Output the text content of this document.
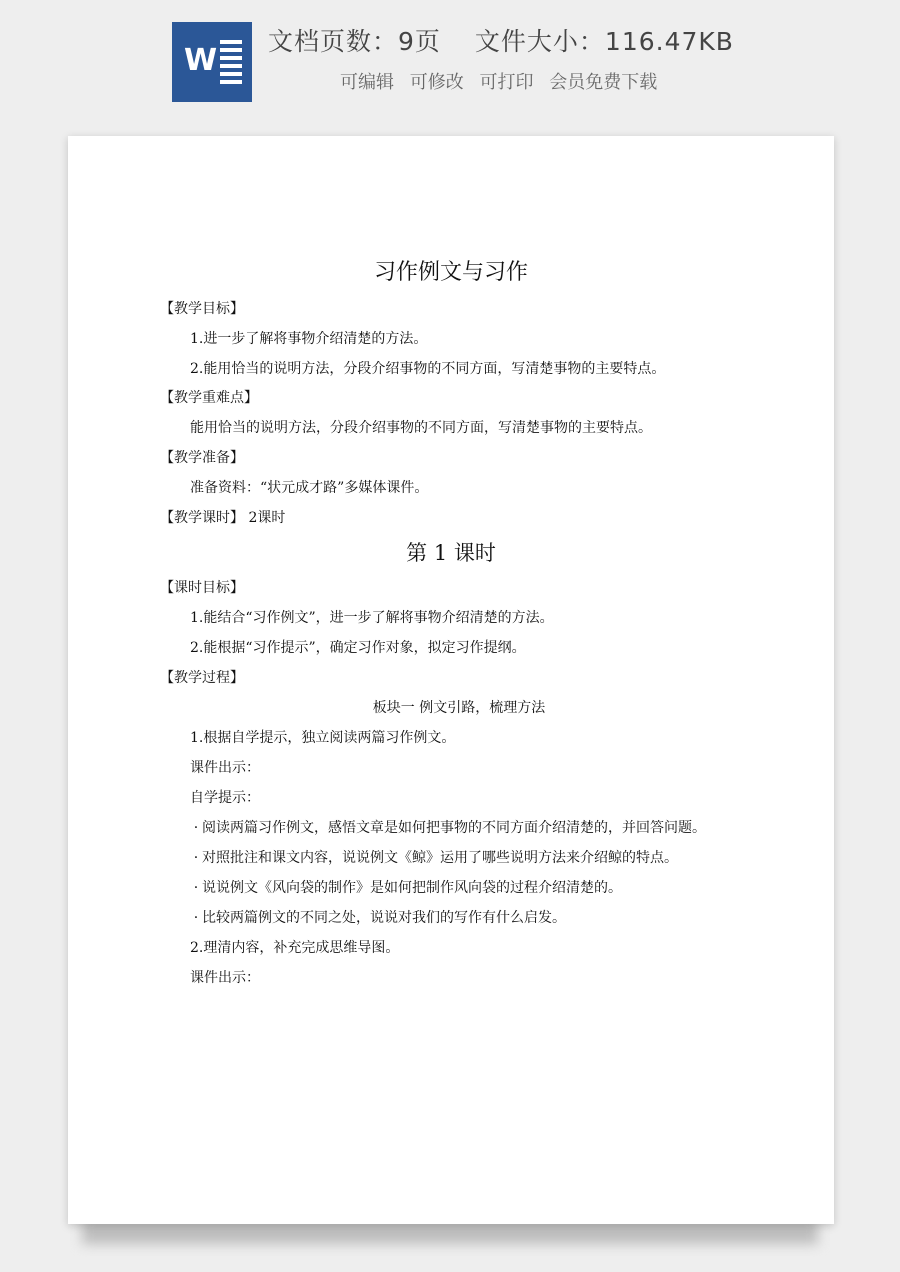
W
文档页数：9页 文件大小：116.47KB
可编辑 可修改 可打印 会员免费下载
习作例文与习作
【教学目标】
1.进一步了解将事物介绍清楚的方法。
2.能用恰当的说明方法，分段介绍事物的不同方面，写清楚事物的主要特点。
【教学重难点】
能用恰当的说明方法，分段介绍事物的不同方面，写清楚事物的主要特点。
【教学准备】
准备资料：“状元成才路”多媒体课件。
【教学课时】 2课时
第 1 课时
【课时目标】
1.能结合“习作例文”，进一步了解将事物介绍清楚的方法。
2.能根据“习作提示”，确定习作对象，拟定习作提纲。
【教学过程】
板块一 例文引路，梳理方法
1.根据自学提示，独立阅读两篇习作例文。
课件出示：
自学提示：
· 阅读两篇习作例文，感悟文章是如何把事物的不同方面介绍清楚的，并回答问题。
· 对照批注和课文内容，说说例文《鲸》运用了哪些说明方法来介绍鲸的特点。
· 说说例文《风向袋的制作》是如何把制作风向袋的过程介绍清楚的。
· 比较两篇例文的不同之处，说说对我们的写作有什么启发。
2.理清内容，补充完成思维导图。
课件出示：
